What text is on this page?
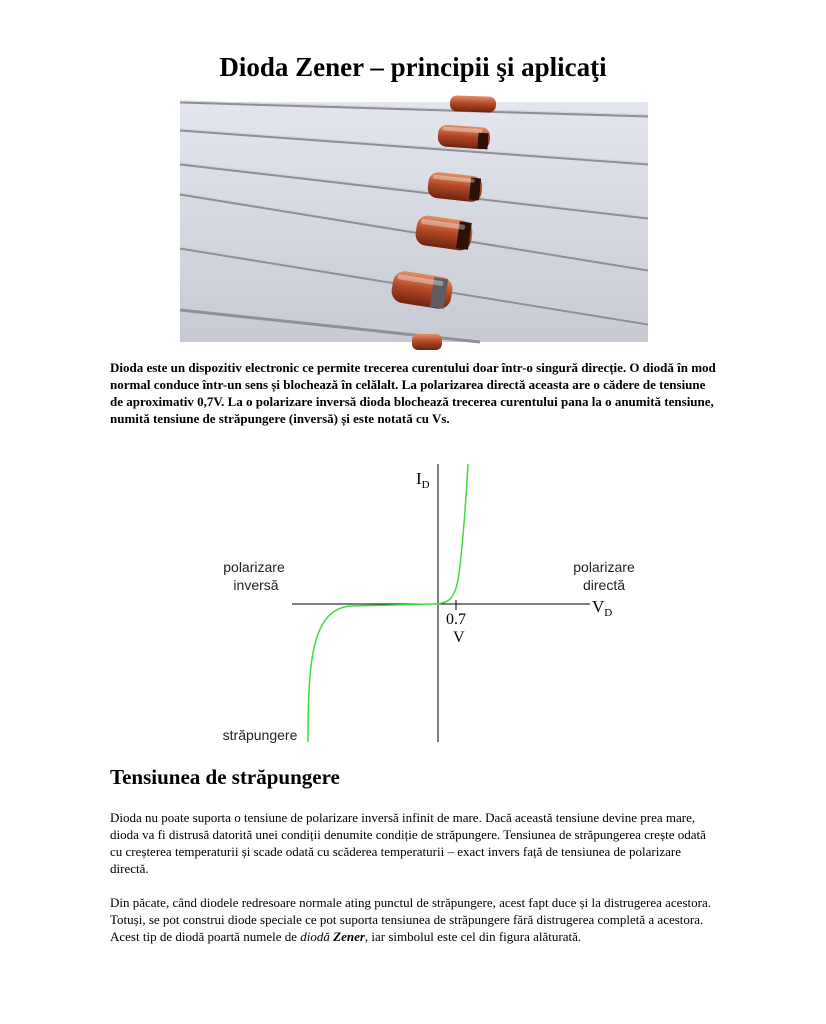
Dioda Zener – principii şi aplicaţi

Dioda este un dispozitiv electronic ce permite trecerea curentului doar într-o singură direcție. O diodă în mod normal conduce într-un sens și blochează în celălalt. La polarizarea directă aceasta are o cădere de tensiune de aproximativ 0,7V. La o polarizare inversă dioda blochează trecerea curentului pana la o anumită tensiune, numită tensiune de străpungere (inversă) și este notată cu Vs.

$I_D$
$V_D$
polarizare
inversă
polarizare
directă
0.7
V
străpungere
Tensiunea de străpungere

Dioda nu poate suporta o tensiune de polarizare inversă infinit de mare. Dacă această tensiune devine prea mare, dioda va fi distrusă datorită unei condiții denumite condiție de străpungere. Tensiunea de străpungerea crește odată cu creșterea temperaturii și scade odată cu scăderea temperaturii – exact invers față de tensiunea de polarizare directă.

Din păcate, când diodele redresoare normale ating punctul de străpungere, acest fapt duce și la distrugerea acestora. Totuși, se pot construi diode speciale ce pot suporta tensiunea de străpungere fără distrugerea completă a acestora. Acest tip de diodă poartă numele de diodă Zener, iar simbolul este cel din figura alăturată.
